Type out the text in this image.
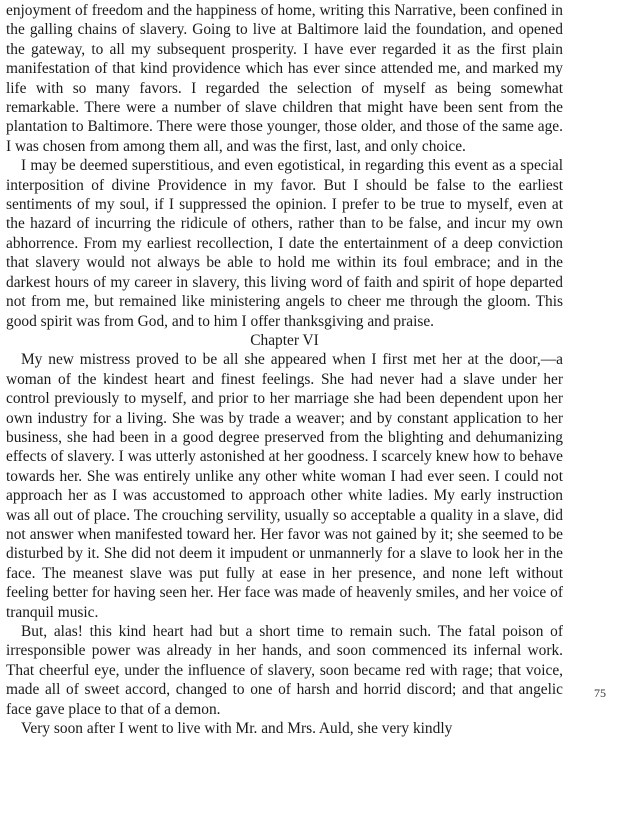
enjoyment of freedom and the happiness of home, writing this Narrative, been confined in the galling chains of slavery. Going to live at Baltimore laid the foundation, and opened the gateway, to all my subsequent prosperity. I have ever regarded it as the first plain manifestation of that kind providence which has ever since attended me, and marked my life with so many favors. I regarded the selection of myself as being somewhat remarkable. There were a number of slave children that might have been sent from the plantation to Baltimore. There were those younger, those older, and those of the same age. I was chosen from among them all, and was the first, last, and only choice.

I may be deemed superstitious, and even egotistical, in regarding this event as a special interposition of divine Providence in my favor. But I should be false to the earliest sentiments of my soul, if I suppressed the opinion. I prefer to be true to myself, even at the hazard of incurring the ridicule of others, rather than to be false, and incur my own abhorrence. From my earliest recollection, I date the entertainment of a deep conviction that slavery would not always be able to hold me within its foul embrace; and in the darkest hours of my career in slavery, this living word of faith and spirit of hope departed not from me, but remained like ministering angels to cheer me through the gloom. This good spirit was from God, and to him I offer thanksgiving and praise.

Chapter VI

My new mistress proved to be all she appeared when I first met her at the door,—a woman of the kindest heart and finest feelings. She had never had a slave under her control previously to myself, and prior to her marriage she had been dependent upon her own industry for a living. She was by trade a weaver; and by constant application to her business, she had been in a good degree preserved from the blighting and dehumanizing effects of slavery. I was utterly astonished at her goodness. I scarcely knew how to behave towards her. She was entirely unlike any other white woman I had ever seen. I could not approach her as I was accustomed to approach other white ladies. My early instruction was all out of place. The crouching servility, usually so acceptable a quality in a slave, did not answer when manifested toward her. Her favor was not gained by it; she seemed to be disturbed by it. She did not deem it impudent or unmannerly for a slave to look her in the face. The meanest slave was put fully at ease in her presence, and none left without feeling better for having seen her. Her face was made of heavenly smiles, and her voice of tranquil music.

But, alas! this kind heart had but a short time to remain such. The fatal poison of irresponsible power was already in her hands, and soon commenced its infernal work. That cheerful eye, under the influence of slavery, soon became red with rage; that voice, made all of sweet accord, changed to one of harsh and horrid discord; and that angelic face gave place to that of a demon.

Very soon after I went to live with Mr. and Mrs. Auld, she very kindly

75
